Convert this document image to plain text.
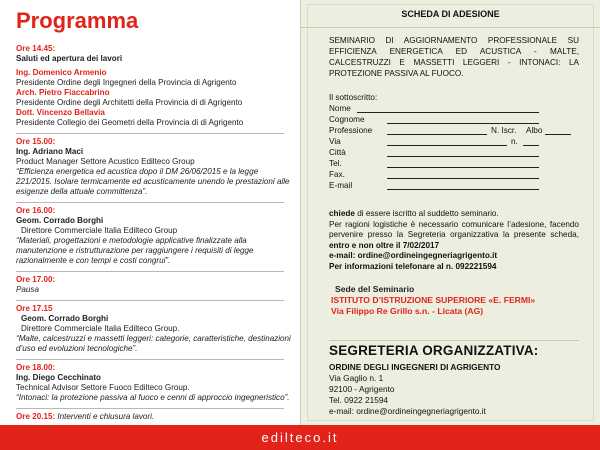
Programma
Ore 14.45:
Saluti ed apertura dei lavori
Ing. Domenico Armenio
Presidente Ordine degli Ingegneri della Provincia di Agrigento
Arch. Pietro Fiaccabrino
Presidente Ordine degli Architetti della Provincia di di Agrigento
Dott. Vincenzo Bellavia
Presidente Collegio dei Geometri della Provincia di di Agrigento
Ore 15.00:
Ing. Adriano Maci
Product Manager Settore Acustico Edilteco Group
“Efficienza energetica ed acustica dopo il DM 26/06/2015 e la legge 221/2015. Isolare termicamente ed acusticamente unendo le prestazioni alle esigenze della attuale committenza”.
Ore 16.00:
Geom. Corrado Borghi
Direttore Commerciale Italia Edilteco Group
“Materiali, progettazioni e metodologie applicative finalizzate alla manutenzione e ristrutturazione per raggiungere i requisiti di legge razionalmente e con tempi e costi congrui”.
Ore 17.00:
Pausa
Ore 17.15
Geom. Corrado Borghi
Direttore Commerciale Italia Edilteco Group.
“Malte, calcestruzzi e massetti leggeri: categorie, caratteristiche, destinazioni d’uso ed evoluzioni tecnologiche”.
Ore 18.00:
Ing. Diego Cecchinato
Technical Advisor Settore Fuoco Edilteco Group.
“Intonaci: la protezione passiva al fuoco e cenni di approccio ingegneristico”.
Ore 20.15: Interventi e chiusura lavori.
SCHEDA DI ADESIONE
SEMINARIO DI AGGIORNAMENTO PROFESSIONALE SU EFFICIENZA ENERGETICA ED ACUSTICA - MALTE, CALCESTRUZZI E MASSETTI LEGGERI - INTONACI: LA PROTEZIONE PASSIVA AL FUOCO.
Il sottoscritto:
Nome
Cognome
Professione	N. Iscr. Albo
Via	n.
Città
Tel.
Fax.
E-mail
chiede di essere iscritto al suddetto seminario.
Per ragioni logistiche è necessario comunicare l’adesione, facendo pervenire presso la Segreteria organizzativa la presente scheda, entro e non oltre il 7/02/2017
e-mail: ordine@ordineingegneriagrigento.it
Per informazioni telefonare al n. 092221594
Sede del Seminario
ISTITUTO D’ISTRUZIONE SUPERIORE «E. FERMI»
Via Filippo Re Grillo s.n. - Licata (AG)
SEGRETERIA ORGANIZZATIVA:
ORDINE DEGLI INGEGNERI DI AGRIGENTO
Via Gaglio n. 1
92100 - Agrigento
Tel. 0922 21594
e-mail: ordine@ordineingegneriagrigento.it
edilteco.it
